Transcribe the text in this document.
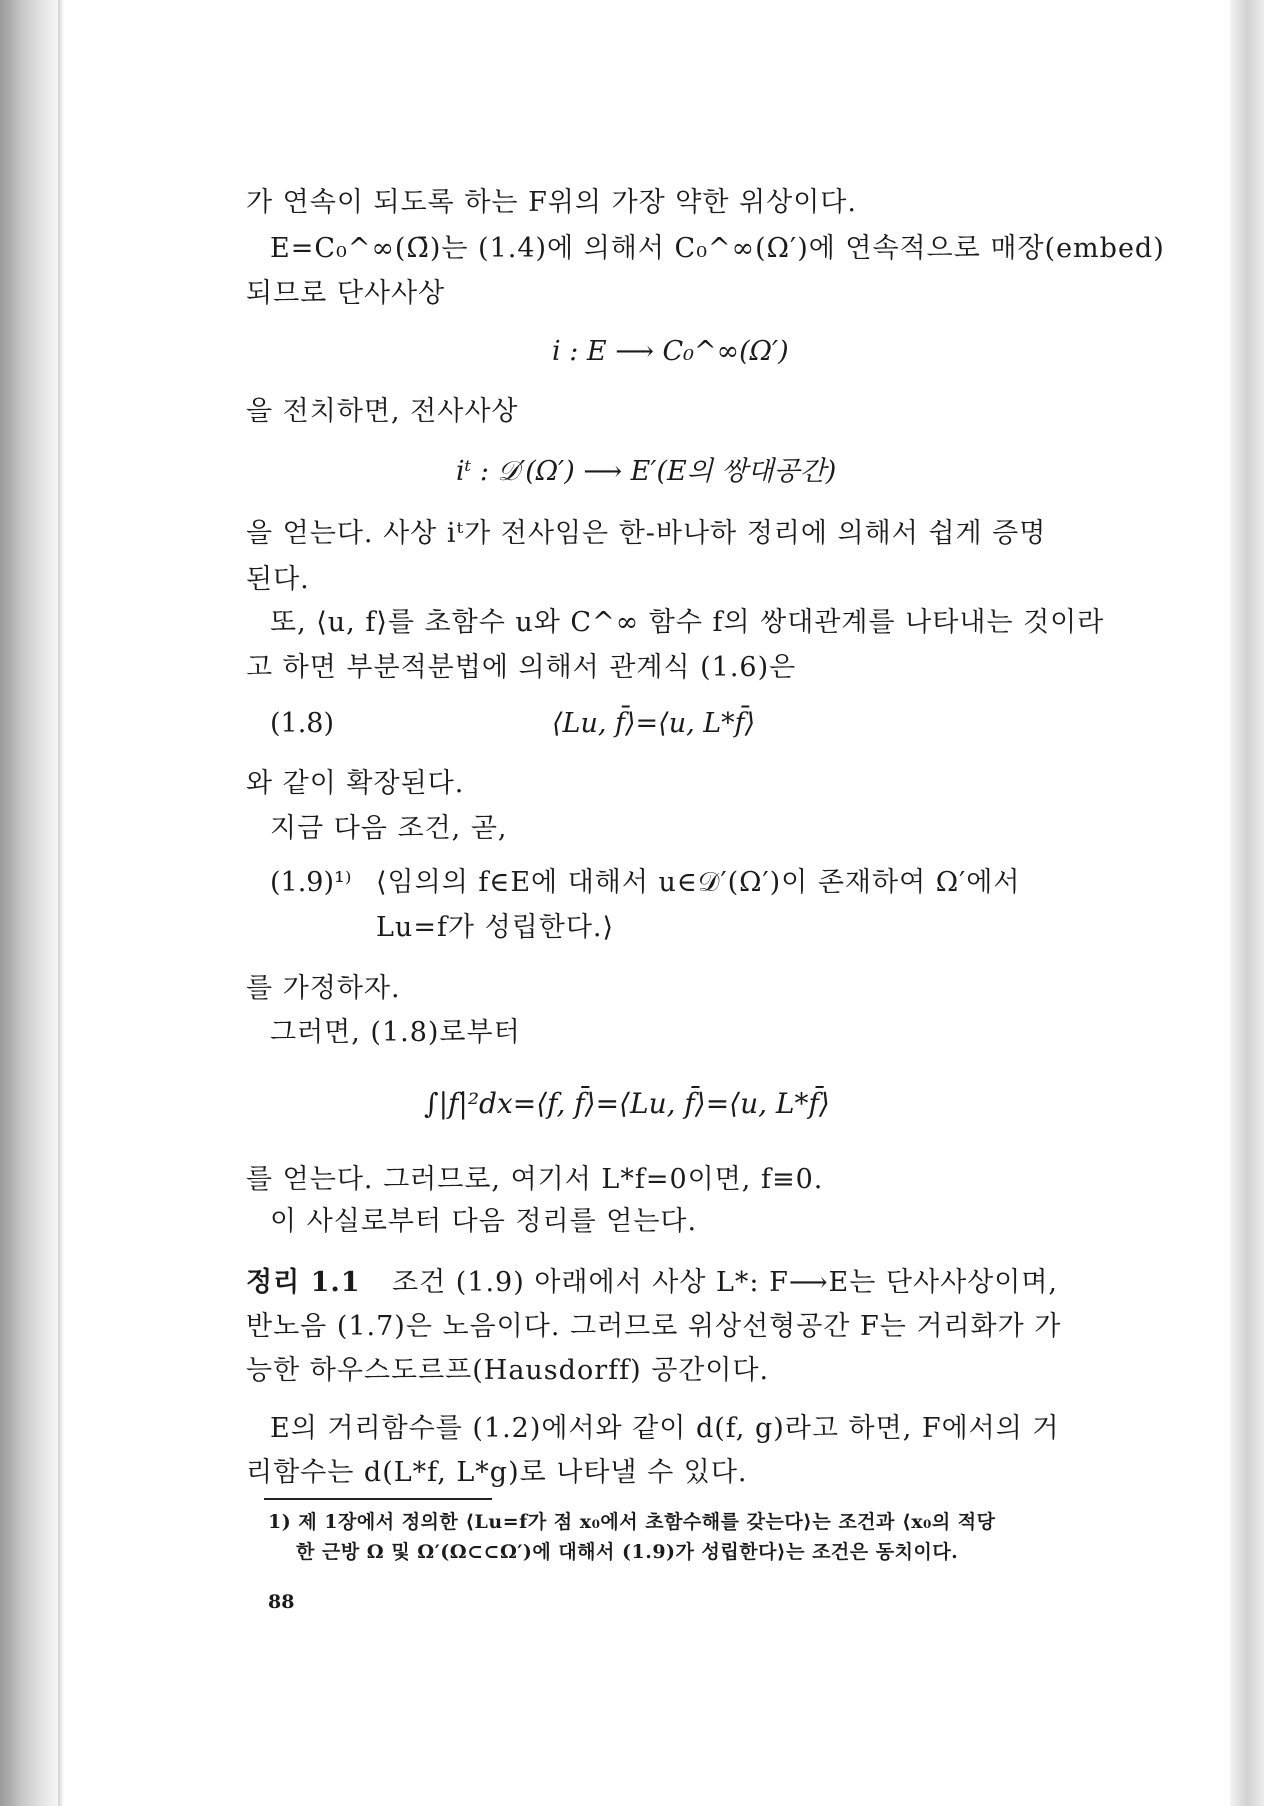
가 연속이 되도록 하는 F위의 가장 약한 위상이다.
E=C₀^∞(Ω̄)는 (1.4)에 의해서 C₀^∞(Ω′)에 연속적으로 매장(embed)
되므로 단사사상
i : E ⟶ C₀^∞(Ω′)
을 전치하면, 전사사상
iᵗ : 𝒟′(Ω′) ⟶ E′(E의 쌍대공간)
을 얻는다. 사상 iᵗ가 전사임은 한-바나하 정리에 의해서 쉽게 증명
된다.
또, ⟨u, f⟩를 초함수 u와 C^∞ 함수 f의 쌍대관계를 나타내는 것이라
고 하면 부분적분법에 의해서 관계식 (1.6)은
(1.8)	⟨Lu, f̄⟩=⟨u, L*f̄⟩
와 같이 확장된다.
지금 다음 조건, 곧,
(1.9)¹⁾ ⟨임의의 f∈E에 대해서 u∈𝒟′(Ω′)이 존재하여 Ω′에서
Lu=f가 성립한다.⟩
를 가정하자.
그러면, (1.8)로부터
∫|f|²dx=⟨f, f̄⟩=⟨Lu, f̄⟩=⟨u, L*f̄⟩
를 얻는다. 그러므로, 여기서 L*f=0이면, f≡0.
이 사실로부터 다음 정리를 얻는다.
정리 1.1 조건 (1.9) 아래에서 사상 L*: F⟶E는 단사사상이며,
반노음 (1.7)은 노음이다. 그러므로 위상선형공간 F는 거리화가 가
능한 하우스도르프(Hausdorff) 공간이다.
E의 거리함수를 (1.2)에서와 같이 d(f, g)라고 하면, F에서의 거
리함수는 d(L*f, L*g)로 나타낼 수 있다.
1) 제 1장에서 정의한 ⟨Lu=f가 점 x₀에서 초함수해를 갖는다⟩는 조건과 ⟨x₀의 적당
한 근방 Ω 및 Ω′(Ω⊂⊂Ω′)에 대해서 (1.9)가 성립한다⟩는 조건은 동치이다.
88
